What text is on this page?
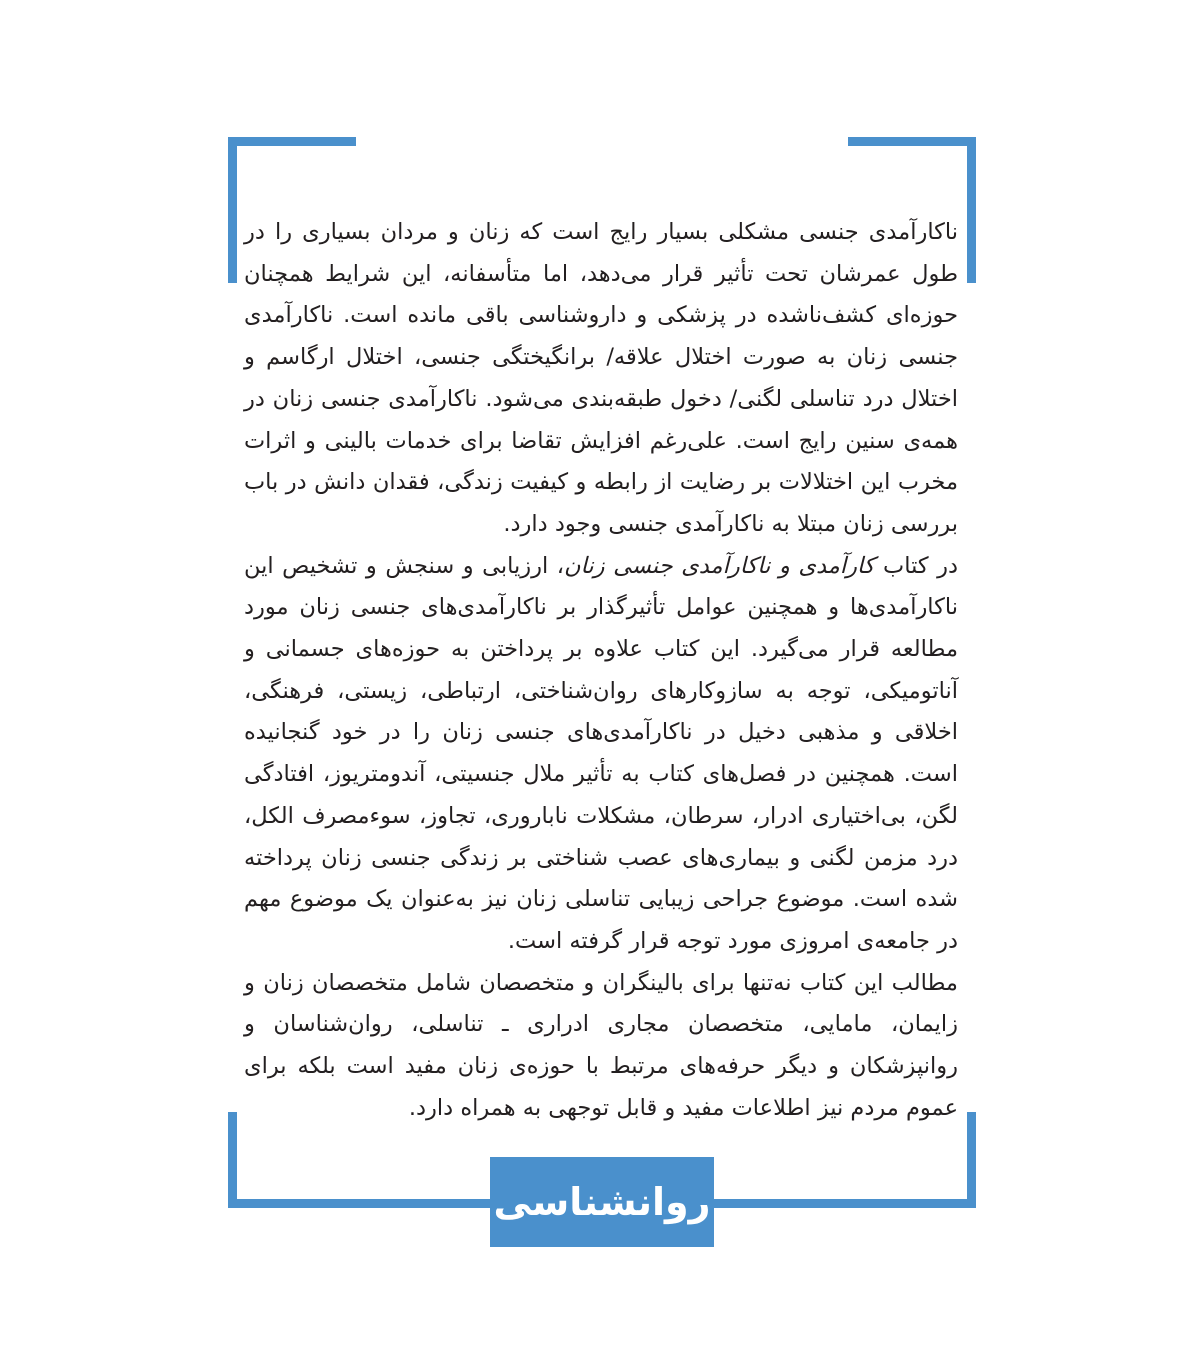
ناکارآمدی جنسی مشکلی بسیار رایج است که زنان و مردان بسیاری را در طول عمرشان تحت تأثیر قرار می‌دهد، اما متأسفانه، این شرایط همچنان حوزه‌ای کشف‌ناشده در پزشکی و داروشناسی باقی مانده است. ناکارآمدی جنسی زنان به صورت اختلال علاقه/ برانگیختگی جنسی، اختلال ارگاسم و اختلال درد تناسلی لگنی/ دخول طبقه‌بندی می‌شود. ناکارآمدی جنسی زنان در همه‌ی سنین رایج است. علی‌رغم افزایش تقاضا برای خدمات بالینی و اثرات مخرب این اختلالات بر رضایت از رابطه و کیفیت زندگی، فقدان دانش در باب بررسی زنان مبتلا به ناکارآمدی جنسی وجود دارد.

در کتاب کارآمدی و ناکارآمدی جنسی زنان، ارزیابی و سنجش و تشخیص این ناکارآمدی‌ها و همچنین عوامل تأثیرگذار بر ناکارآمدی‌های جنسی زنان مورد مطالعه قرار می‌گیرد. این کتاب علاوه بر پرداختن به حوزه‌های جسمانی و آناتومیکی، توجه به سازوکارهای روان‌شناختی، ارتباطی، زیستی، فرهنگی، اخلاقی و مذهبی دخیل در ناکارآمدی‌های جنسی زنان را در خود گنجانیده است. همچنین در فصل‌های کتاب به تأثیر ملال جنسیتی، آندومتریوز، افتادگی لگن، بی‌اختیاری ادرار، سرطان، مشکلات ناباروری، تجاوز، سوءمصرف الکل، درد مزمن لگنی و بیماری‌های عصب شناختی بر زندگی جنسی زنان پرداخته شده است. موضوع جراحی زیبایی تناسلی زنان نیز به‌عنوان یک موضوع مهم در جامعه‌ی امروزی مورد توجه قرار گرفته است.

مطالب این کتاب نه‌تنها برای بالینگران و متخصصان شامل متخصصان زنان و زایمان، مامایی، متخصصان مجاری ادراری ـ تناسلی، روان‌شناسان و روانپزشکان و دیگر حرفه‌های مرتبط با حوزه‌ی زنان مفید است بلکه برای عموم مردم نیز اطلاعات مفید و قابل توجهی به همراه دارد.

روانشناسی
